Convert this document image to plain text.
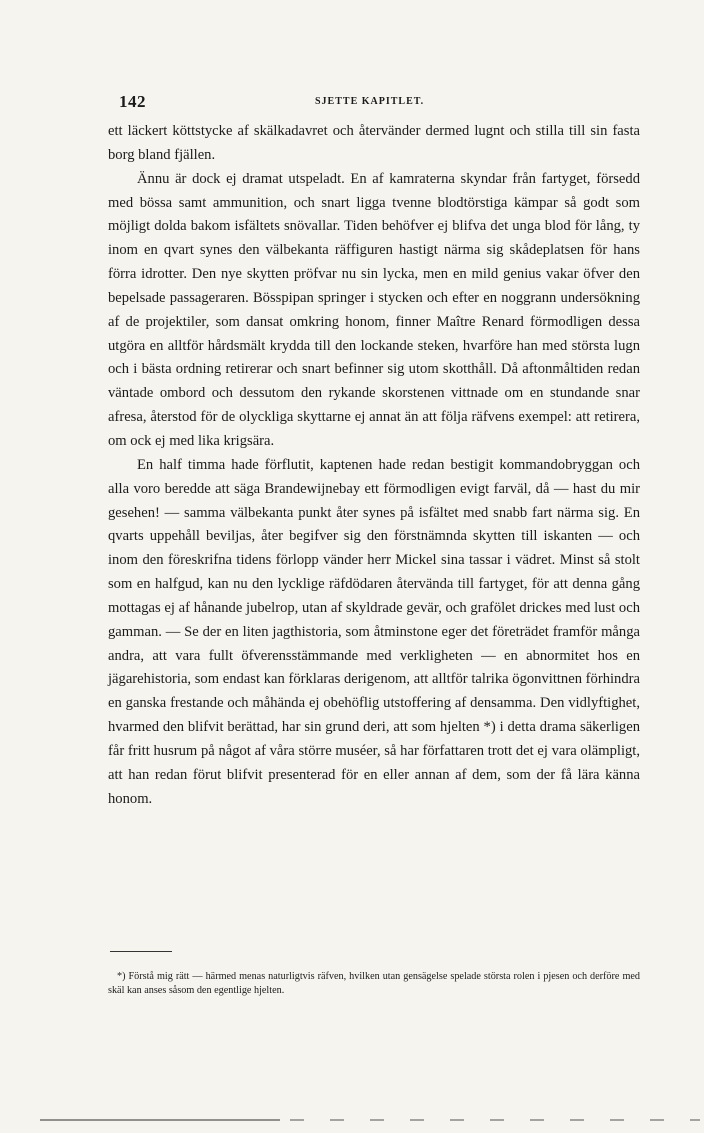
142	SJETTE KAPITLET.

ett läckert köttstycke af skälkadavret och återvänder dermed lugnt och stilla till sin fasta borg bland fjällen.

Ännu är dock ej dramat utspeladt. En af kamraterna skyndar från fartyget, försedd med bössa samt ammunition, och snart ligga tvenne blodtörstiga kämpar så godt som möjligt dolda bakom isfältets snövallar. Tiden behöfver ej blifva det unga blod för lång, ty inom en qvart synes den välbekanta räffiguren hastigt närma sig skådeplatsen för hans förra idrotter. Den nye skytten pröfvar nu sin lycka, men en mild genius vakar öfver den bepelsade passageraren. Bösspipan springer i stycken och efter en noggrann undersökning af de projektiler, som dansat omkring honom, finner Maître Renard förmodligen dessa utgöra en alltför hårdsmält krydda till den lockande steken, hvarföre han med största lugn och i bästa ordning retirerar och snart befinner sig utom skotthåll. Då aftonmåltiden redan väntade ombord och dessutom den rykande skorstenen vittnade om en stundande snar afresa, återstod för de olyckliga skyttarne ej annat än att följa räfvens exempel: att retirera, om ock ej med lika krigsära.

En half timma hade förflutit, kaptenen hade redan bestigit kommandobryggan och alla voro beredde att säga Brandewijnebay ett förmodligen evigt farväl, då — hast du mir gesehen! — samma välbekanta punkt åter synes på isfältet med snabb fart närma sig. En qvarts uppehåll beviljas, åter begifver sig den förstnämnda skytten till iskanten — och inom den föreskrifna tidens förlopp vänder herr Mickel sina tassar i vädret. Minst så stolt som en halfgud, kan nu den lycklige räfdödaren återvända till fartyget, för att denna gång mottagas ej af hånande jubelrop, utan af skyldrade gevär, och grafölet drickes med lust och gamman. — Se der en liten jagthistoria, som åtminstone eger det företrädet framför många andra, att vara fullt öfverensstämmande med verkligheten — en abnormitet hos en jägarehistoria, som endast kan förklaras derigenom, att alltför talrika ögonvittnen förhindra en ganska frestande och måhända ej obehöflig utstoffering af densamma. Den vidlyftighet, hvarmed den blifvit berättad, har sin grund deri, att som hjelten *) i detta drama säkerligen får fritt husrum på något af våra större muséer, så har författaren trott det ej vara olämpligt, att han redan förut blifvit presenterad för en eller annan af dem, som der få lära känna honom.

*) Förstå mig rätt — härmed menas naturligtvis räfven, hvilken utan gensägelse spelade största rolen i pjesen och derföre med skäl kan anses såsom den egentlige hjelten.
